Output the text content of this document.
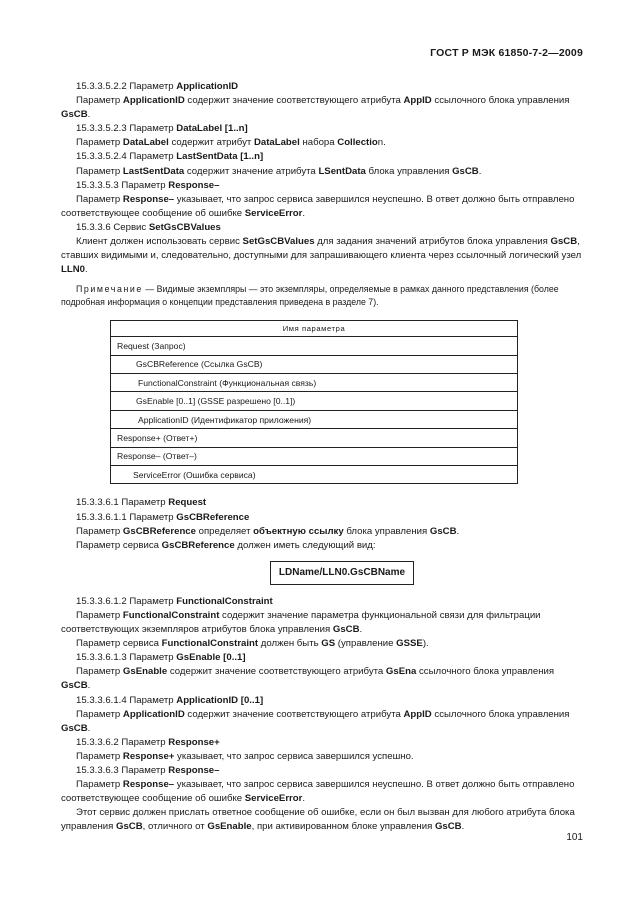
ГОСТ Р МЭК 61850-7-2—2009

15.3.3.5.2.2 Параметр ApplicationID

Параметр ApplicationID содержит значение соответствующего атрибута AppID ссылочного блока управления GsCB.

15.3.3.5.2.3 Параметр DataLabel [1..n]

Параметр DataLabel содержит атрибут DataLabel набора Collection.

15.3.3.5.2.4 Параметр LastSentData [1..n]

Параметр LastSentData содержит значение атрибута LSentData блока управления GsCB.

15.3.3.5.3 Параметр Response–

Параметр Response– указывает, что запрос сервиса завершился неуспешно. В ответ должно быть отправлено соответствующее сообщение об ошибке ServiceError.

15.3.3.6 Сервис SetGsCBValues

Клиент должен использовать сервис SetGsCBValues для задания значений атрибутов блока управления GsCB, ставших видимыми и, следовательно, доступными для запрашивающего клиента через ссылочный логический узел LLN0.

Примечание — Видимые экземпляры — это экземпляры, определяемые в рамках данного представления (более подробная информация о концепции представления приведена в разделе 7).

Имя параметра
Request (Запрос)
GsCBReference (Ссылка GsCB)
FunctionalConstraint (Функциональная связь)
GsEnable [0..1] (GSSE разрешено [0..1])
ApplicationID (Идентификатор приложения)
Response+ (Ответ+)
Response– (Ответ–)
ServiceError (Ошибка сервиса)

15.3.3.6.1 Параметр Request

15.3.3.6.1.1 Параметр GsCBReference

Параметр GsCBReference определяет объектную ссылку блока управления GsCB.

Параметр сервиса GsCBReference должен иметь следующий вид:

LDName/LLN0.GsCBName

15.3.3.6.1.2 Параметр FunctionalConstraint

Параметр FunctionalConstraint содержит значение параметра функциональной связи для фильтрации соответствующих экземпляров атрибутов блока управления GsCB.

Параметр сервиса FunctionalConstraint должен быть GS (управление GSSE).

15.3.3.6.1.3 Параметр GsEnable [0..1]

Параметр GsEnable содержит значение соответствующего атрибута GsEna ссылочного блока управления GsCB.

15.3.3.6.1.4 Параметр ApplicationID [0..1]

Параметр ApplicationID содержит значение соответствующего атрибута AppID ссылочного блока управления GsCB.

15.3.3.6.2 Параметр Response+

Параметр Response+ указывает, что запрос сервиса завершился успешно.

15.3.3.6.3 Параметр Response–

Параметр Response– указывает, что запрос сервиса завершился неуспешно. В ответ должно быть отправлено соответствующее сообщение об ошибке ServiceError.

Этот сервис должен прислать ответное сообщение об ошибке, если он был вызван для любого атрибута блока управления GsCB, отличного от GsEnable, при активированном блоке управления GsCB.

101
